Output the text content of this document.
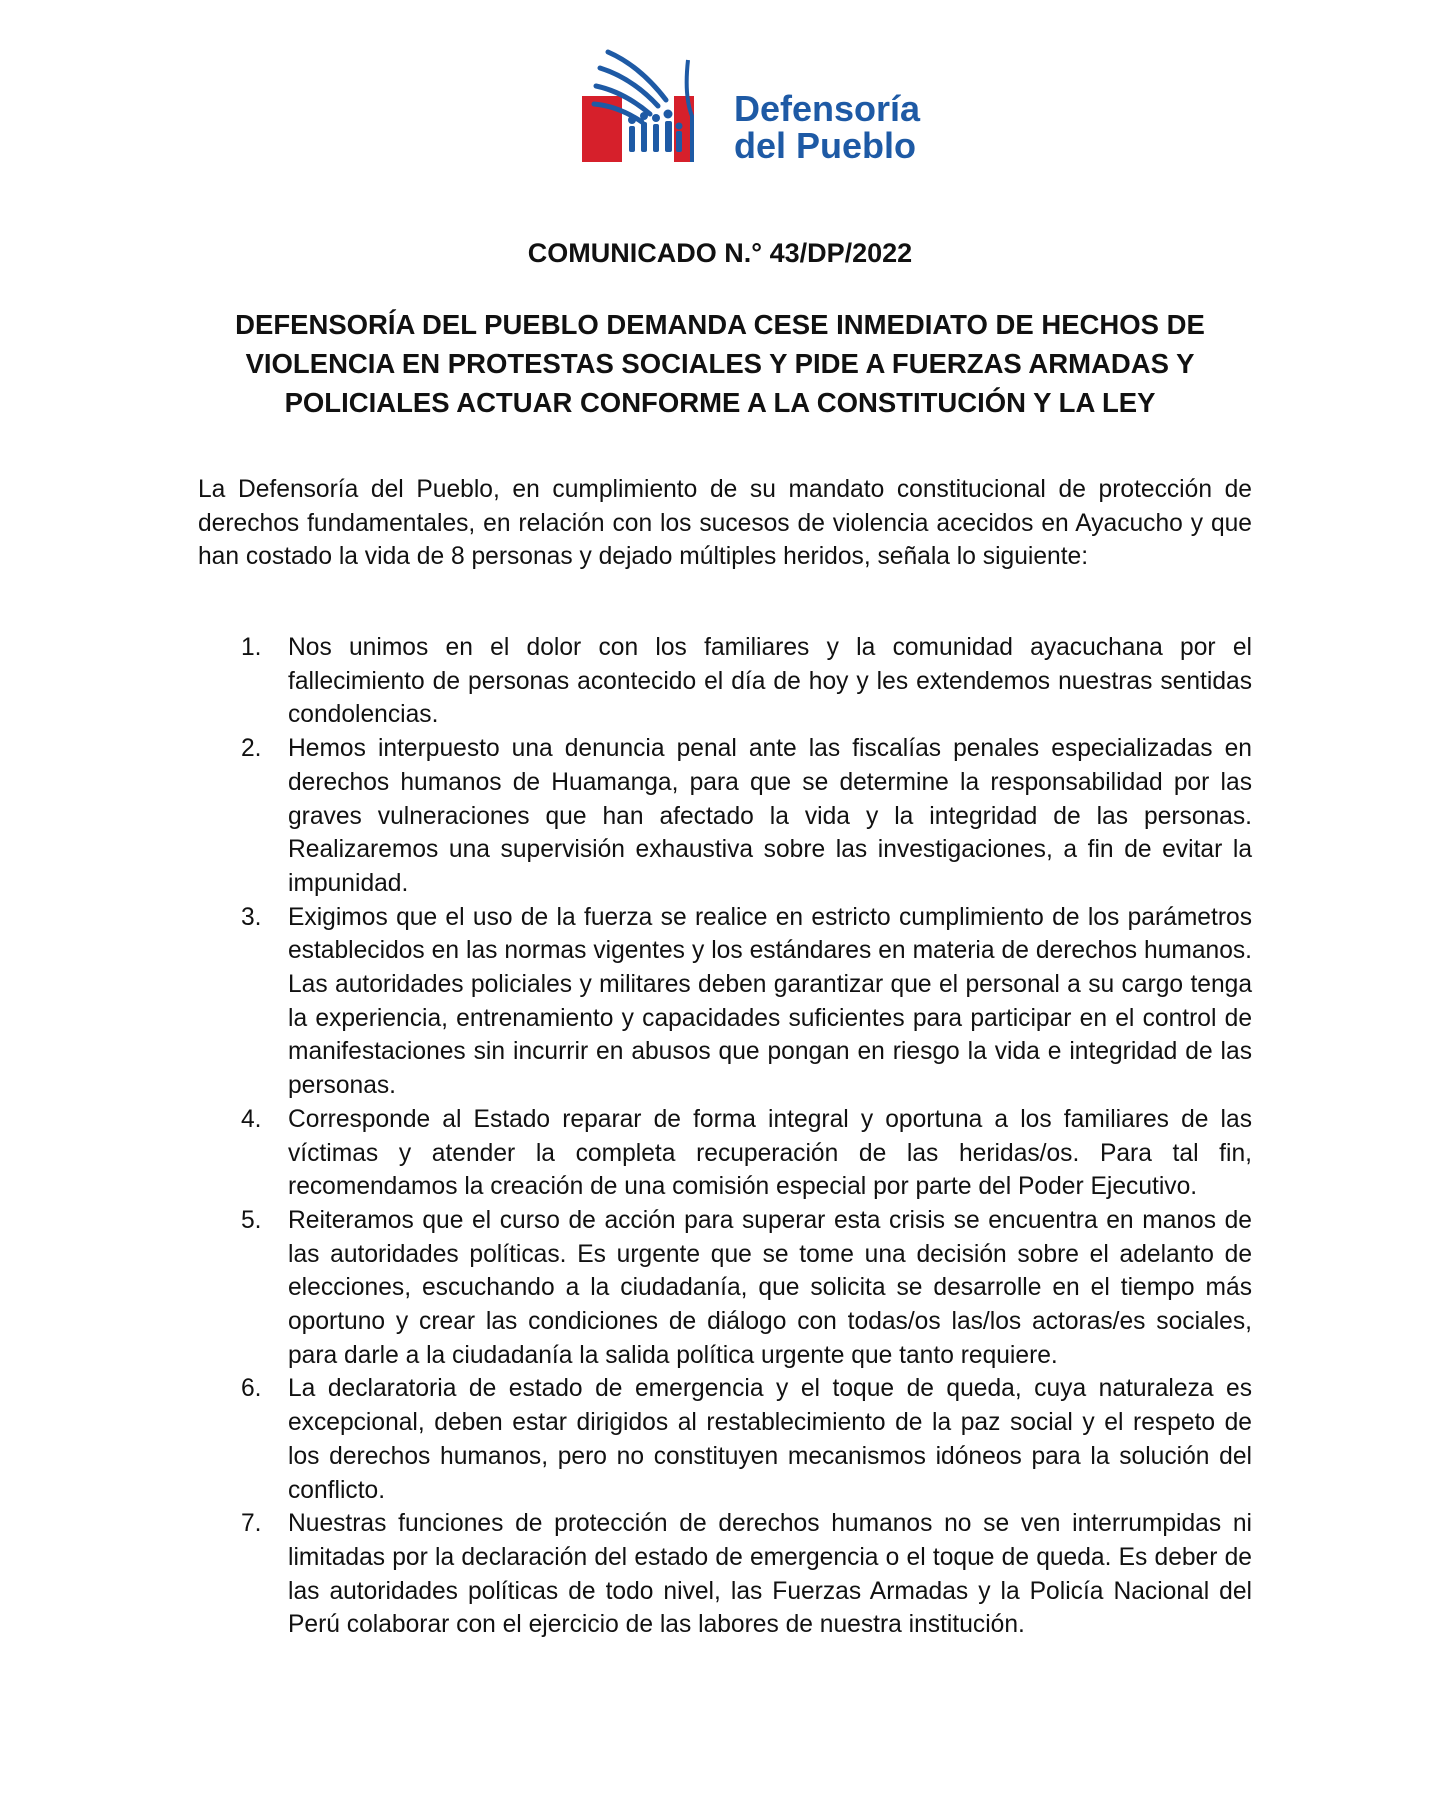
Defensoría
del Pueblo
COMUNICADO N.° 43/DP/2022
DEFENSORÍA DEL PUEBLO DEMANDA CESE INMEDIATO DE HECHOS DE VIOLENCIA EN PROTESTAS SOCIALES Y PIDE A FUERZAS ARMADAS Y POLICIALES ACTUAR CONFORME A LA CONSTITUCIÓN Y LA LEY

La Defensoría del Pueblo, en cumplimiento de su mandato constitucional de protección de derechos fundamentales, en relación con los sucesos de violencia acecidos en Ayacucho y que han costado la vida de 8 personas y dejado múltiples heridos, señala lo siguiente:

1. Nos unimos en el dolor con los familiares y la comunidad ayacuchana por el fallecimiento de personas acontecido el día de hoy y les extendemos nuestras sentidas condolencias.
2. Hemos interpuesto una denuncia penal ante las fiscalías penales especializadas en derechos humanos de Huamanga, para que se determine la responsabilidad por las graves vulneraciones que han afectado la vida y la integridad de las personas. Realizaremos una supervisión exhaustiva sobre las investigaciones, a fin de evitar la impunidad.
3. Exigimos que el uso de la fuerza se realice en estricto cumplimiento de los parámetros establecidos en las normas vigentes y los estándares en materia de derechos humanos. Las autoridades policiales y militares deben garantizar que el personal a su cargo tenga la experiencia, entrenamiento y capacidades suficientes para participar en el control de manifestaciones sin incurrir en abusos que pongan en riesgo la vida e integridad de las personas.
4. Corresponde al Estado reparar de forma integral y oportuna a los familiares de las víctimas y atender la completa recuperación de las heridas/os. Para tal fin, recomendamos la creación de una comisión especial por parte del Poder Ejecutivo.
5. Reiteramos que el curso de acción para superar esta crisis se encuentra en manos de las autoridades políticas. Es urgente que se tome una decisión sobre el adelanto de elecciones, escuchando a la ciudadanía, que solicita se desarrolle en el tiempo más oportuno y crear las condiciones de diálogo con todas/os las/los actoras/es sociales, para darle a la ciudadanía la salida política urgente que tanto requiere.
6. La declaratoria de estado de emergencia y el toque de queda, cuya naturaleza es excepcional, deben estar dirigidos al restablecimiento de la paz social y el respeto de los derechos humanos, pero no constituyen mecanismos idóneos para la solución del conflicto.
7. Nuestras funciones de protección de derechos humanos no se ven interrumpidas ni limitadas por la declaración del estado de emergencia o el toque de queda. Es deber de las autoridades políticas de todo nivel, las Fuerzas Armadas y la Policía Nacional del Perú colaborar con el ejercicio de las labores de nuestra institución.
